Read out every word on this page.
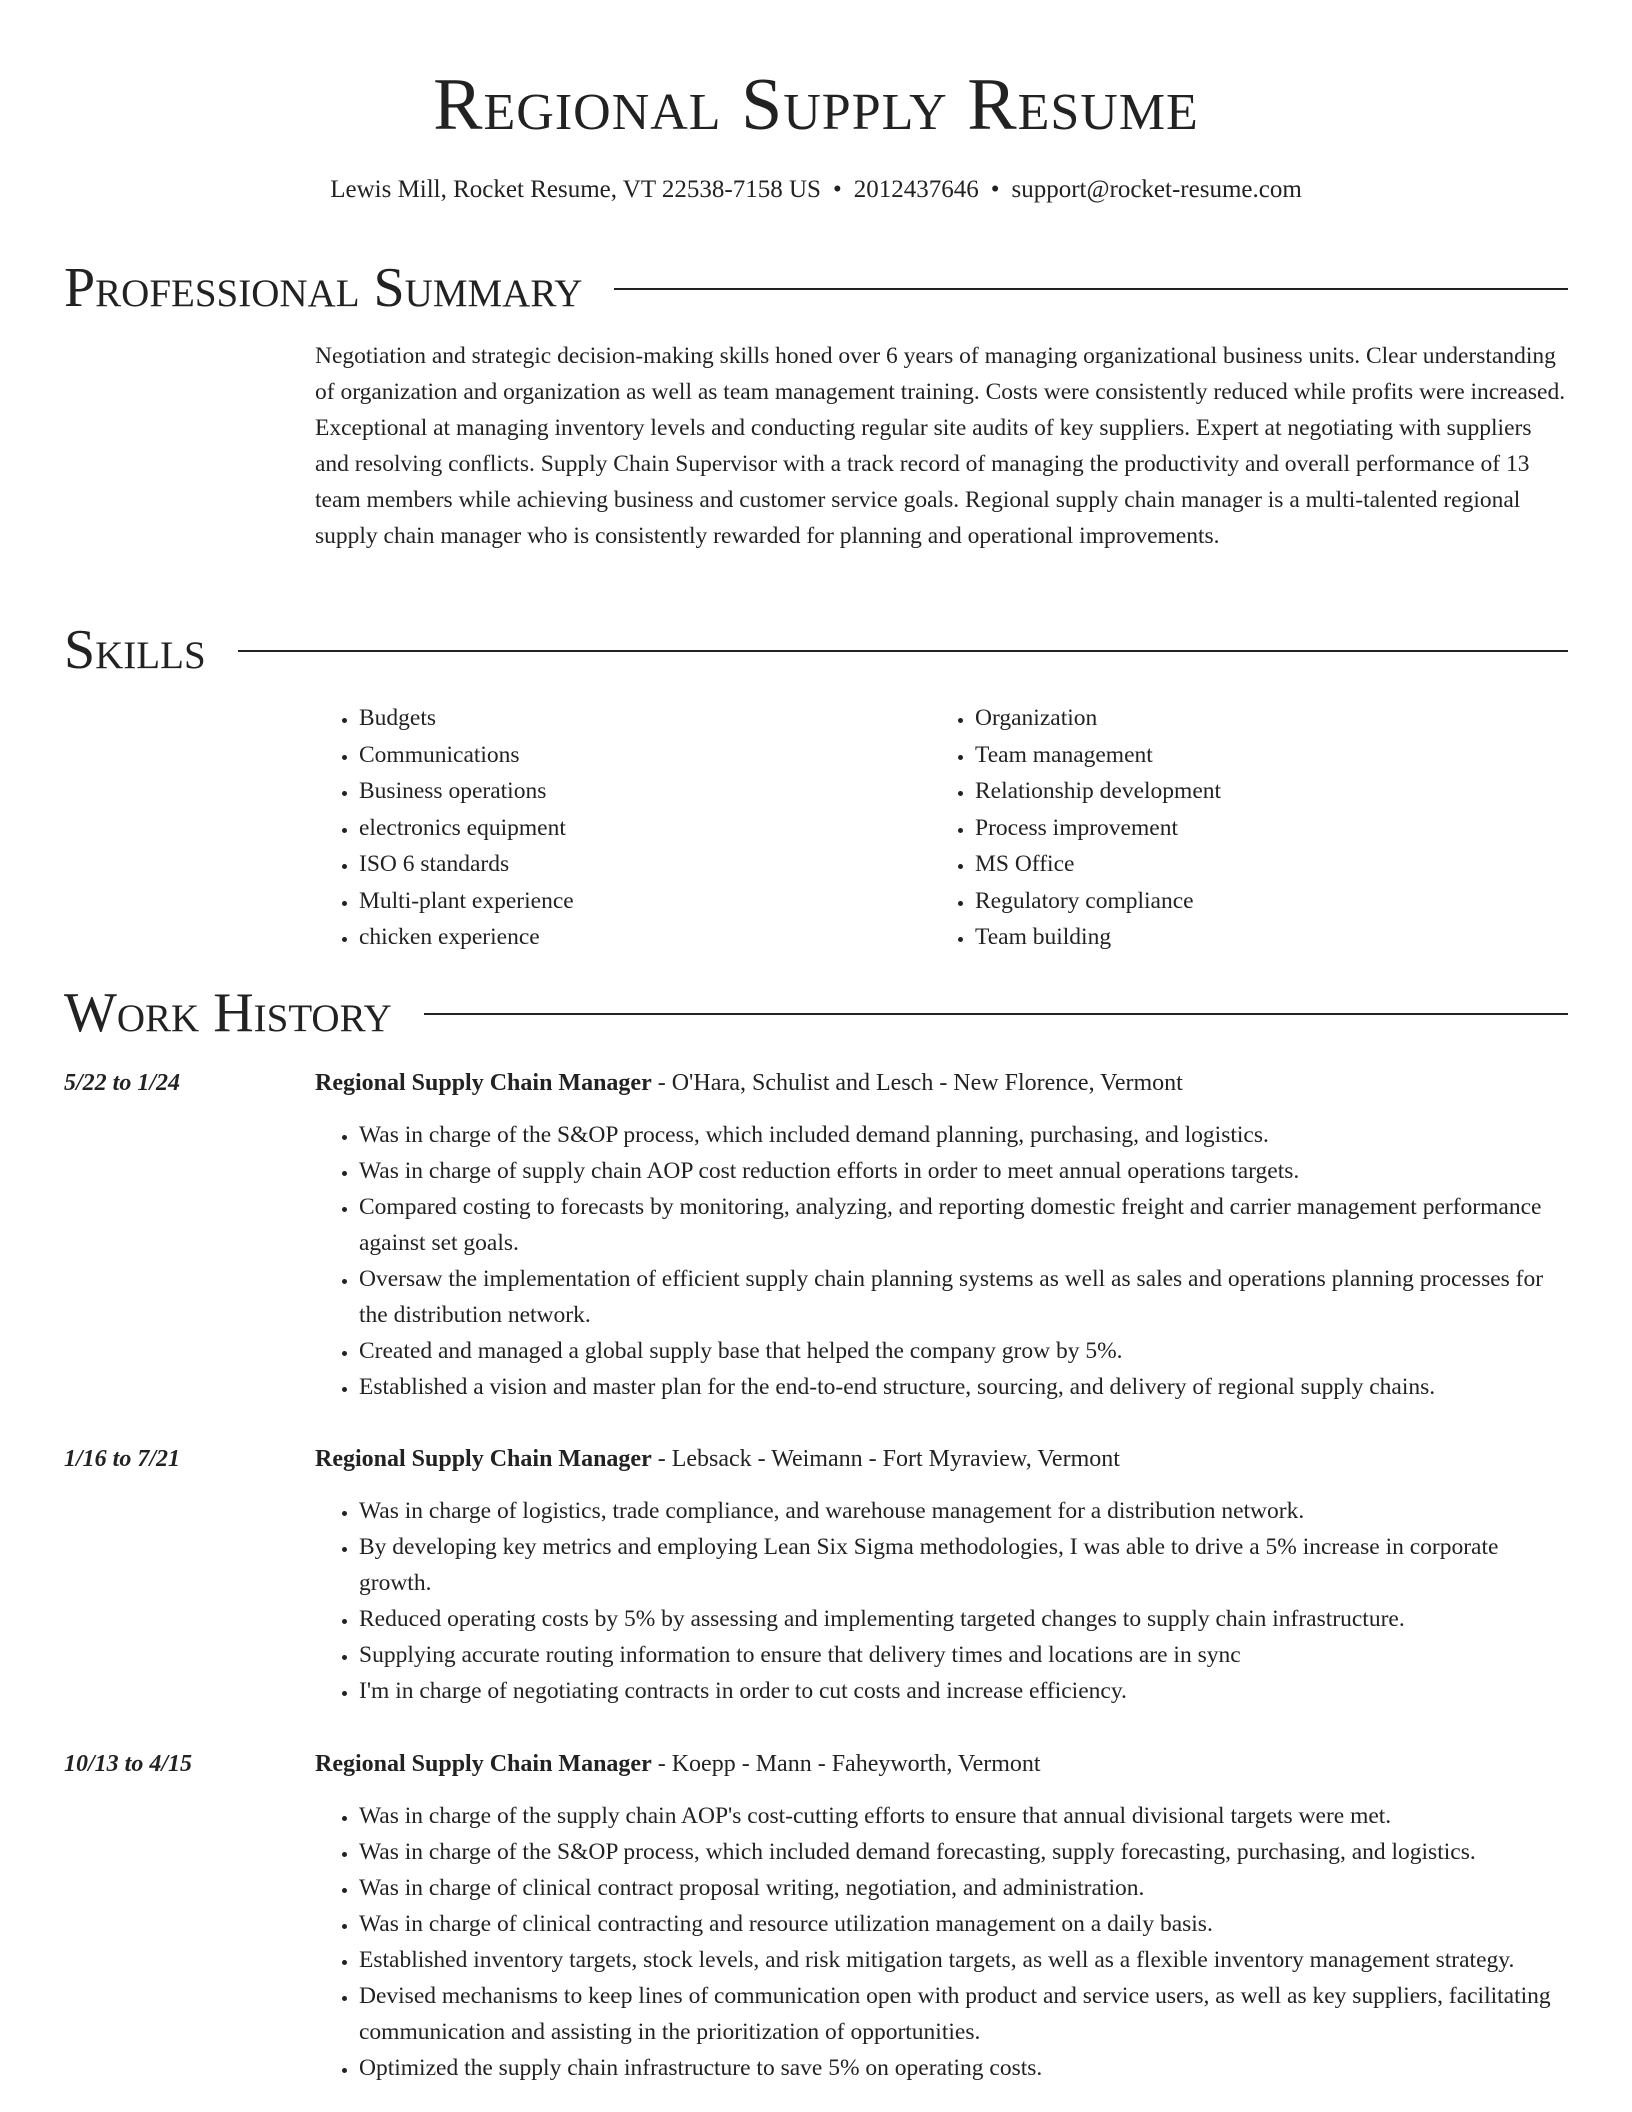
Regional Supply Resume
Lewis Mill, Rocket Resume, VT 22538-7158 US • 2012437646 • support@rocket-resume.com
Professional Summary
Negotiation and strategic decision-making skills honed over 6 years of managing organizational business units. Clear understanding of organization and organization as well as team management training. Costs were consistently reduced while profits were increased. Exceptional at managing inventory levels and conducting regular site audits of key suppliers. Expert at negotiating with suppliers and resolving conflicts. Supply Chain Supervisor with a track record of managing the productivity and overall performance of 13 team members while achieving business and customer service goals. Regional supply chain manager is a multi-talented regional supply chain manager who is consistently rewarded for planning and operational improvements.
Skills
• Budgets
• Communications
• Business operations
• electronics equipment
• ISO 6 standards
• Multi-plant experience
• chicken experience
• Organization
• Team management
• Relationship development
• Process improvement
• MS Office
• Regulatory compliance
• Team building
Work History
5/22 to 1/24	Regional Supply Chain Manager - O'Hara, Schulist and Lesch - New Florence, Vermont
• Was in charge of the S&OP process, which included demand planning, purchasing, and logistics.
• Was in charge of supply chain AOP cost reduction efforts in order to meet annual operations targets.
• Compared costing to forecasts by monitoring, analyzing, and reporting domestic freight and carrier management performance against set goals.
• Oversaw the implementation of efficient supply chain planning systems as well as sales and operations planning processes for the distribution network.
• Created and managed a global supply base that helped the company grow by 5%.
• Established a vision and master plan for the end-to-end structure, sourcing, and delivery of regional supply chains.
1/16 to 7/21	Regional Supply Chain Manager - Lebsack - Weimann - Fort Myraview, Vermont
• Was in charge of logistics, trade compliance, and warehouse management for a distribution network.
• By developing key metrics and employing Lean Six Sigma methodologies, I was able to drive a 5% increase in corporate growth.
• Reduced operating costs by 5% by assessing and implementing targeted changes to supply chain infrastructure.
• Supplying accurate routing information to ensure that delivery times and locations are in sync
• I'm in charge of negotiating contracts in order to cut costs and increase efficiency.
10/13 to 4/15	Regional Supply Chain Manager - Koepp - Mann - Faheyworth, Vermont
• Was in charge of the supply chain AOP's cost-cutting efforts to ensure that annual divisional targets were met.
• Was in charge of the S&OP process, which included demand forecasting, supply forecasting, purchasing, and logistics.
• Was in charge of clinical contract proposal writing, negotiation, and administration.
• Was in charge of clinical contracting and resource utilization management on a daily basis.
• Established inventory targets, stock levels, and risk mitigation targets, as well as a flexible inventory management strategy.
• Devised mechanisms to keep lines of communication open with product and service users, as well as key suppliers, facilitating communication and assisting in the prioritization of opportunities.
• Optimized the supply chain infrastructure to save 5% on operating costs.
